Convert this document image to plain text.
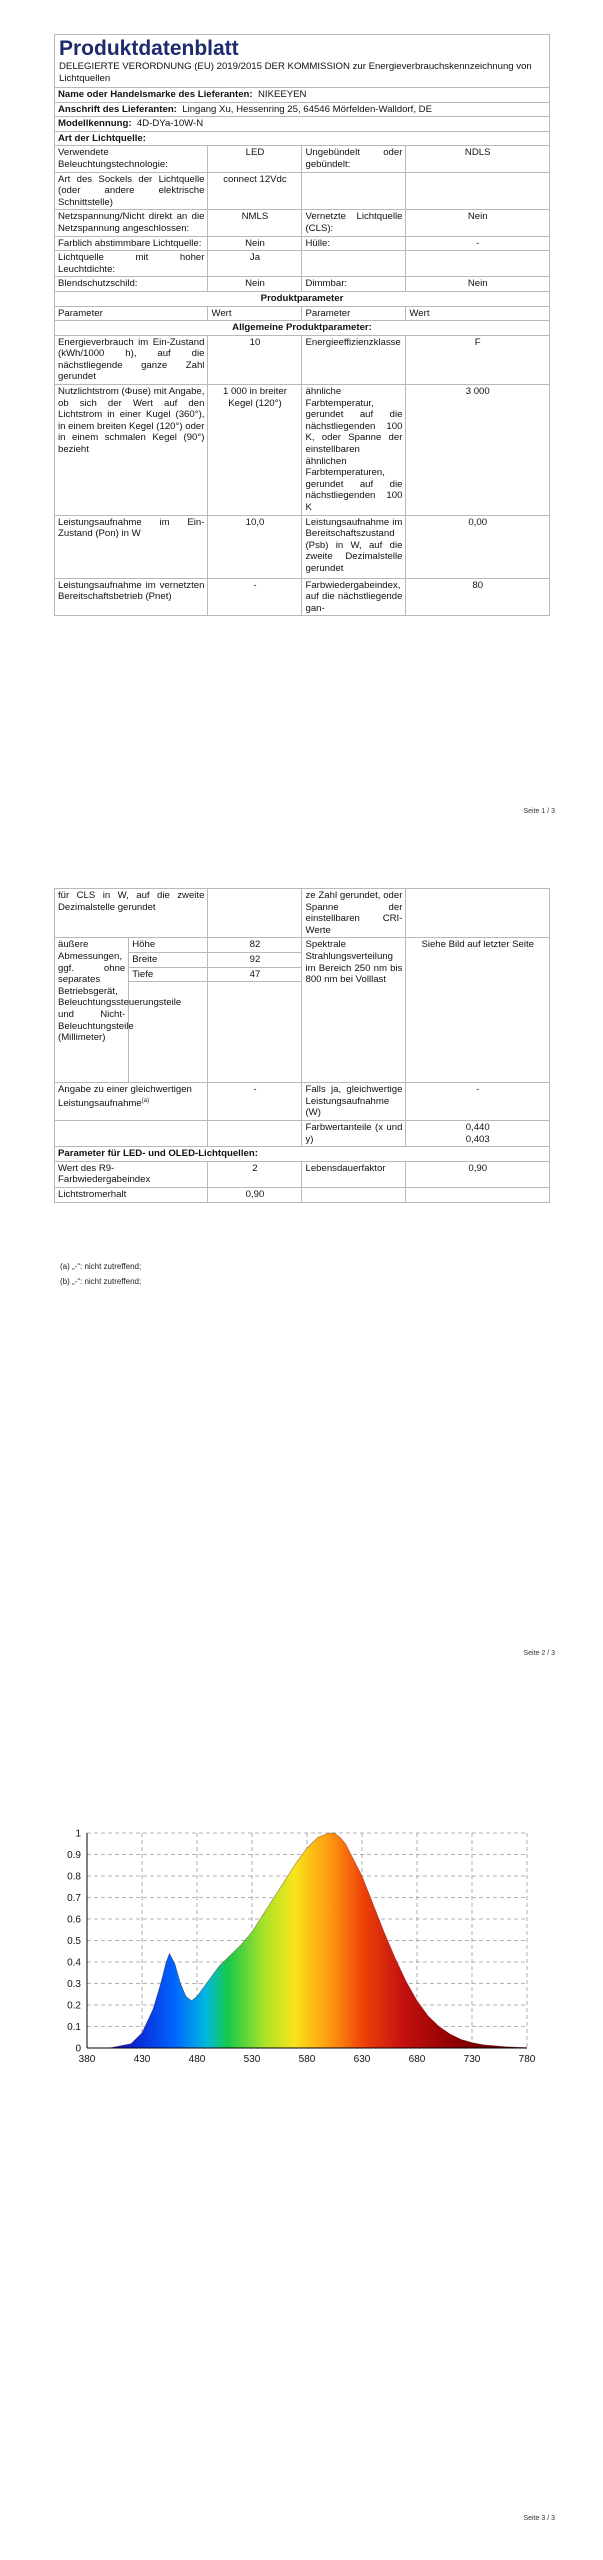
Produktdatenblatt
DELEGIERTE VERORDNUNG (EU) 2019/2015 DER KOMMISSION zur Energieverbrauchskennzeichnung von Lichtquellen			

Name oder Handelsmarke des Lieferanten: NIKEEYEN			
Anschrift des Lieferanten: Lingang Xu, Hessenring 25, 64546 Mörfelden-Walldorf, DE			
Modellkennung: 4D-DYa-10W-N			
Art der Lichtquelle:			
Verwendete Beleuchtungstechnologie:	LED	Ungebündelt oder gebündelt:	NDLS
Art des Sockels der Lichtquelle (oder andere elektrische Schnittstelle)	connect 12Vdc		
Netzspannung/Nicht direkt an die Netzspannung angeschlossen:	NMLS	Vernetzte Lichtquelle (CLS):	Nein
Farblich abstimmbare Lichtquelle:	Nein	Hülle:	-
Lichtquelle mit hoher Leuchtdichte:	Ja		
Blendschutzschild:	Nein	Dimmbar:	Nein
Produktparameter			
Parameter	Wert	Parameter	Wert
Allgemeine Produktparameter:			
Energieverbrauch im Ein-Zustand (kWh/1000 h), auf die nächstliegende ganze Zahl gerundet	10	Energieeffizienzklasse	F
Nutzlichtstrom (Φuse) mit Angabe, ob sich der Wert auf den Lichtstrom in einer Kugel (360°), in einem breiten Kegel (120°) oder in einem schmalen Kegel (90°) bezieht	1 000 in breiter Kegel (120°)	ähnliche Farbtemperatur, gerundet auf die nächstliegenden 100 K, oder Spanne der einstellbaren ähnlichen Farbtemperaturen, gerundet auf die nächstliegenden 100 K	3 000
Leistungsaufnahme im Ein-Zustand (Pon) in W	10,0	Leistungsaufnahme im Bereitschaftszustand (Psb) in W, auf die zweite Dezimalstelle gerundet	0,00
Leistungsaufnahme im vernetzten Bereitschaftsbetrieb (Pnet)	-	Farbwiedergabeindex, auf die nächstliegende gan-	80
Seite 1 / 3
für CLS in W, auf die zweite Dezimalstelle gerundet			ze Zahl gerundet, oder Spanne der einstellbaren CRI-Werte	
äußere Abmessungen, ggf. ohne separates Betriebsgerät, Beleuchtungssteuerungsteile und Nicht-Beleuchtungsteile (Millimeter)	Höhe	82	Spektrale Strahlungsverteilung im Bereich 250 nm bis 800 nm bei Volllast	Siehe Bild auf letzter Seite
	Breite	92		
	Tiefe	47		

Angabe zu einer gleichwertigen Leistungsaufnahme$^{(a)}$		-	Falls ja, gleichwertige Leistungsaufnahme (W)	-
			Farbwertanteile (x und y)	0,440
0,403
Parameter für LED- und OLED-Lichtquellen:				
Wert des R9-Farbwiedergabeindex		2	Lebensdauerfaktor	0,90
Lichtstromerhalt		0,90		
(a) „-“: nicht zutreffend;
(b) „-“: nicht zutreffend;
Seite 2 / 3
0
0.1
0.2
0.3
0.4
0.5
0.6
0.7
0.8
0.9
1
380	430	480	530	580	630	680	730	780
Seite 3 / 3
